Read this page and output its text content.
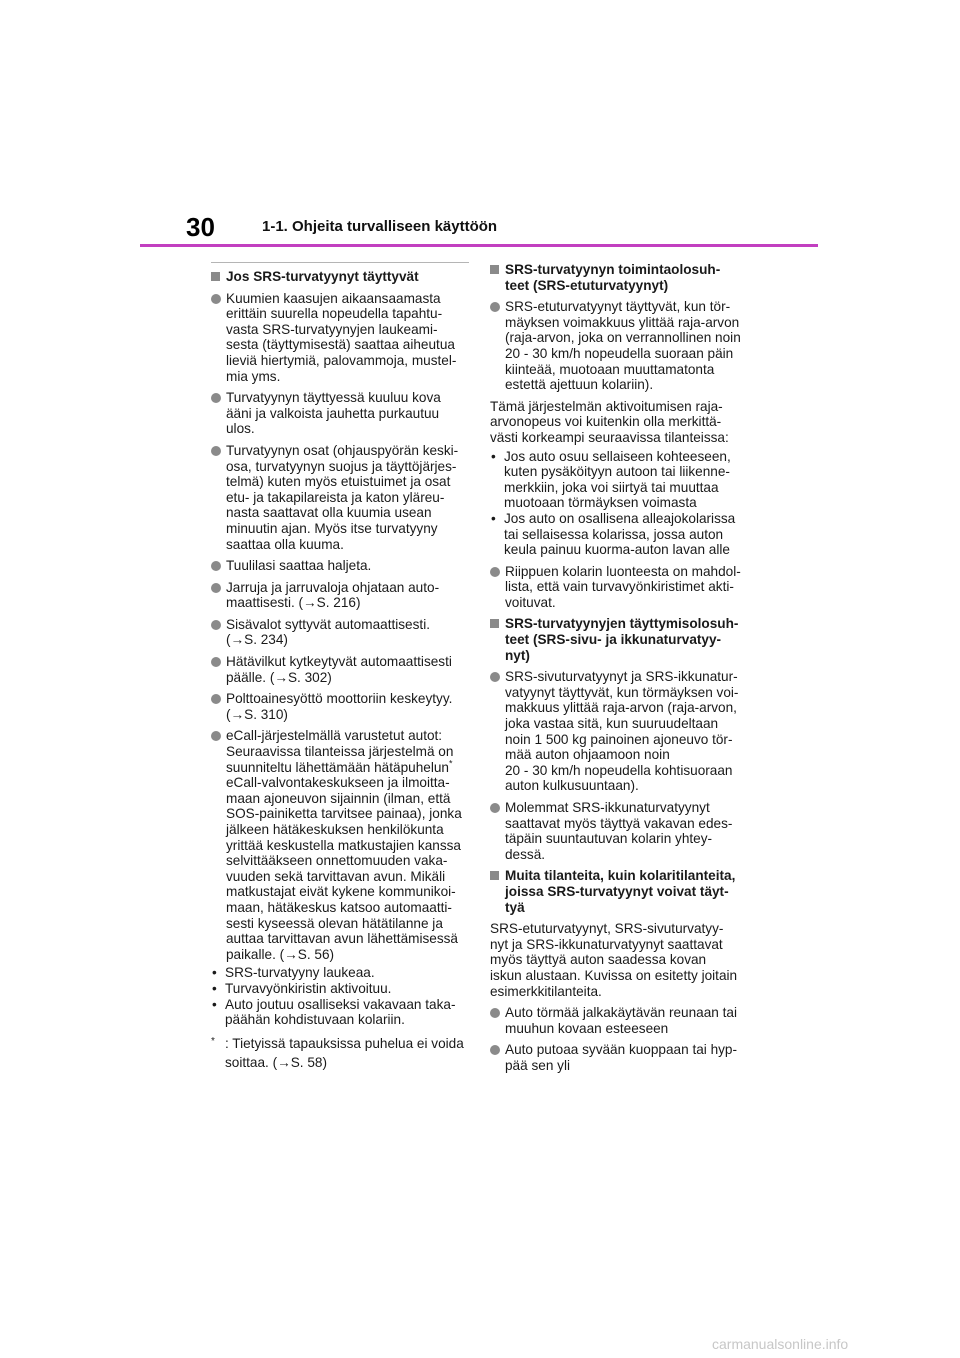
30	1-1. Ohjeita turvalliseen käyttöön
Jos SRS-turvatyynyt täyttyvät
Kuumien kaasujen aikaansaamasta
erittäin suurella nopeudella tapahtu-
vasta SRS-turvatyynyjen laukeami-
sesta (täyttymisestä) saattaa aiheutua
lieviä hiertymiä, palovammoja, mustel-
mia yms.
Turvatyynyn täyttyessä kuuluu kova
ääni ja valkoista jauhetta purkautuu
ulos.
Turvatyynyn osat (ohjauspyörän keski-
osa, turvatyynyn suojus ja täyttöjärjes-
telmä) kuten myös etuistuimet ja osat
etu- ja takapilareista ja katon yläreu-
nasta saattavat olla kuumia usean
minuutin ajan. Myös itse turvatyyny
saattaa olla kuuma.
Tuulilasi saattaa haljeta.
Jarruja ja jarruvaloja ohjataan auto-
maattisesti. (→S. 216)
Sisävalot syttyvät automaattisesti.
(→S. 234)
Hätävilkut kytkeytyvät automaattisesti
päälle. (→S. 302)
Polttoainesyöttö moottoriin keskeytyy.
(→S. 310)
eCall-järjestelmällä varustetut autot:
Seuraavissa tilanteissa järjestelmä on
suunniteltu lähettämään hätäpuhelun*
eCall-valvontakeskukseen ja ilmoitta-
maan ajoneuvon sijainnin (ilman, että
SOS-painiketta tarvitsee painaa), jonka
jälkeen hätäkeskuksen henkilökunta
yrittää keskustella matkustajien kanssa
selvittääkseen onnettomuuden vaka-
vuuden sekä tarvittavan avun. Mikäli
matkustajat eivät kykene kommunikoi-
maan, hätäkeskus katsoo automaatti-
sesti kyseessä olevan hätätilanne ja
auttaa tarvittavan avun lähettämisessä
paikalle. (→S. 56)
• SRS-turvatyyny laukeaa.
• Turvavyönkiristin aktivoituu.
• Auto joutuu osalliseksi vakavaan taka-
päähän kohdistuvaan kolariin.
* : Tietyissä tapauksissa puhelua ei voida
soittaa. (→S. 58)
SRS-turvatyynyn toimintaolosuh-
teet (SRS-etuturvatyynyt)
SRS-etuturvatyynyt täyttyvät, kun tör-
mäyksen voimakkuus ylittää raja-arvon
(raja-arvon, joka on verrannollinen noin
20 - 30 km/h nopeudella suoraan päin
kiinteää, muotoaan muuttamatonta
estettä ajettuun kolariin).
Tämä järjestelmän aktivoitumisen raja-
arvonopeus voi kuitenkin olla merkittä-
västi korkeampi seuraavissa tilanteissa:
• Jos auto osuu sellaiseen kohteeseen,
kuten pysäköityyn autoon tai liikenne-
merkkiin, joka voi siirtyä tai muuttaa
muotoaan törmäyksen voimasta
• Jos auto on osallisena alleajokolarissa
tai sellaisessa kolarissa, jossa auton
keula painuu kuorma-auton lavan alle
Riippuen kolarin luonteesta on mahdol-
lista, että vain turvavyönkiristimet akti-
voituvat.
SRS-turvatyynyjen täyttymisolosuh-
teet (SRS-sivu- ja ikkunaturvatyy-
nyt)
SRS-sivuturvatyynyt ja SRS-ikkunatur-
vatyynyt täyttyvät, kun törmäyksen voi-
makkuus ylittää raja-arvon (raja-arvon,
joka vastaa sitä, kun suuruudeltaan
noin 1 500 kg painoinen ajoneuvo tör-
mää auton ohjaamoon noin
20 - 30 km/h nopeudella kohtisuoraan
auton kulkusuuntaan).
Molemmat SRS-ikkunaturvatyynyt
saattavat myös täyttyä vakavan edes-
täpäin suuntautuvan kolarin yhtey-
dessä.
Muita tilanteita, kuin kolaritilanteita,
joissa SRS-turvatyynyt voivat täyt-
tyä
SRS-etuturvatyynyt, SRS-sivuturvatyy-
nyt ja SRS-ikkunaturvatyynyt saattavat
myös täyttyä auton saadessa kovan
iskun alustaan. Kuvissa on esitetty joitain
esimerkkitilanteita.
Auto törmää jalkakäytävän reunaan tai
muuhun kovaan esteeseen
Auto putoaa syvään kuoppaan tai hyp-
pää sen yli
carmanualsonline.info
